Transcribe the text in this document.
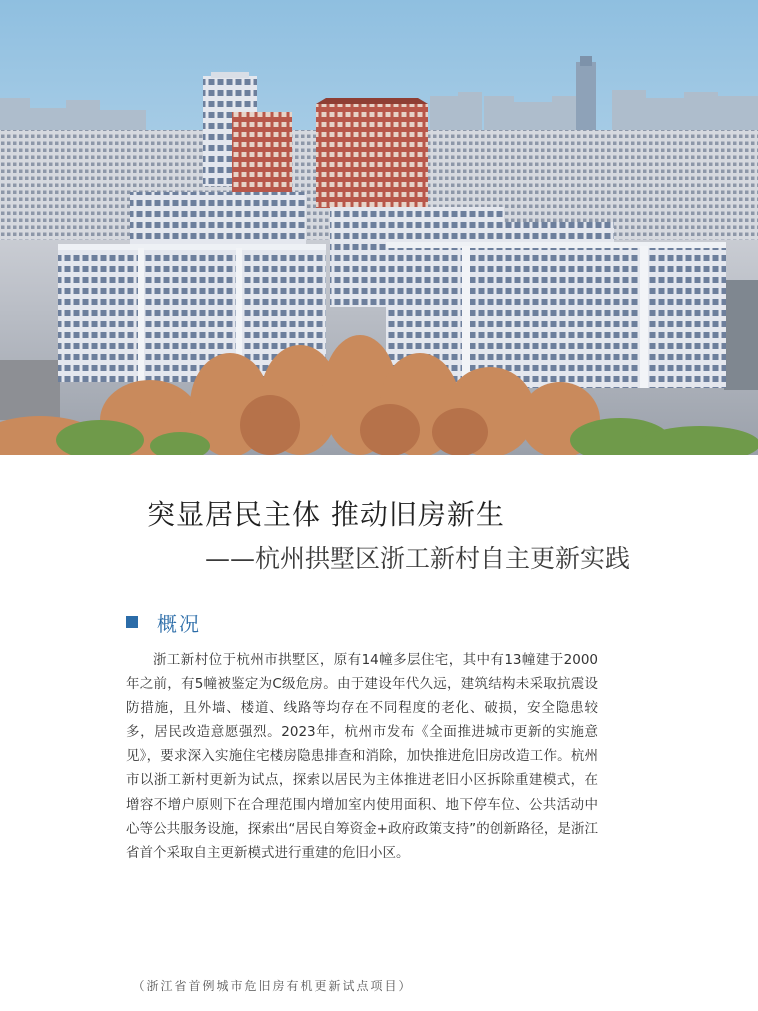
突显居民主体 推动旧房新生
——杭州拱墅区浙工新村自主更新实践
概况

浙工新村位于杭州市拱墅区，原有14幢多层住宅，其中有13幢建于2000年之前，有5幢被鉴定为C级危房。由于建设年代久远，建筑结构未采取抗震设防措施，且外墙、楼道、线路等均存在不同程度的老化、破损，安全隐患较多，居民改造意愿强烈。2023年，杭州市发布《全面推进城市更新的实施意见》，要求深入实施住宅楼房隐患排查和消除，加快推进危旧房改造工作。杭州市以浙工新村更新为试点，探索以居民为主体推进老旧小区拆除重建模式，在增容不增户原则下在合理范围内增加室内使用面积、地下停车位、公共活动中心等公共服务设施，探索出“居民自筹资金+政府政策支持”的创新路径，是浙江省首个采取自主更新模式进行重建的危旧小区。

（浙江省首例城市危旧房有机更新试点项目）
